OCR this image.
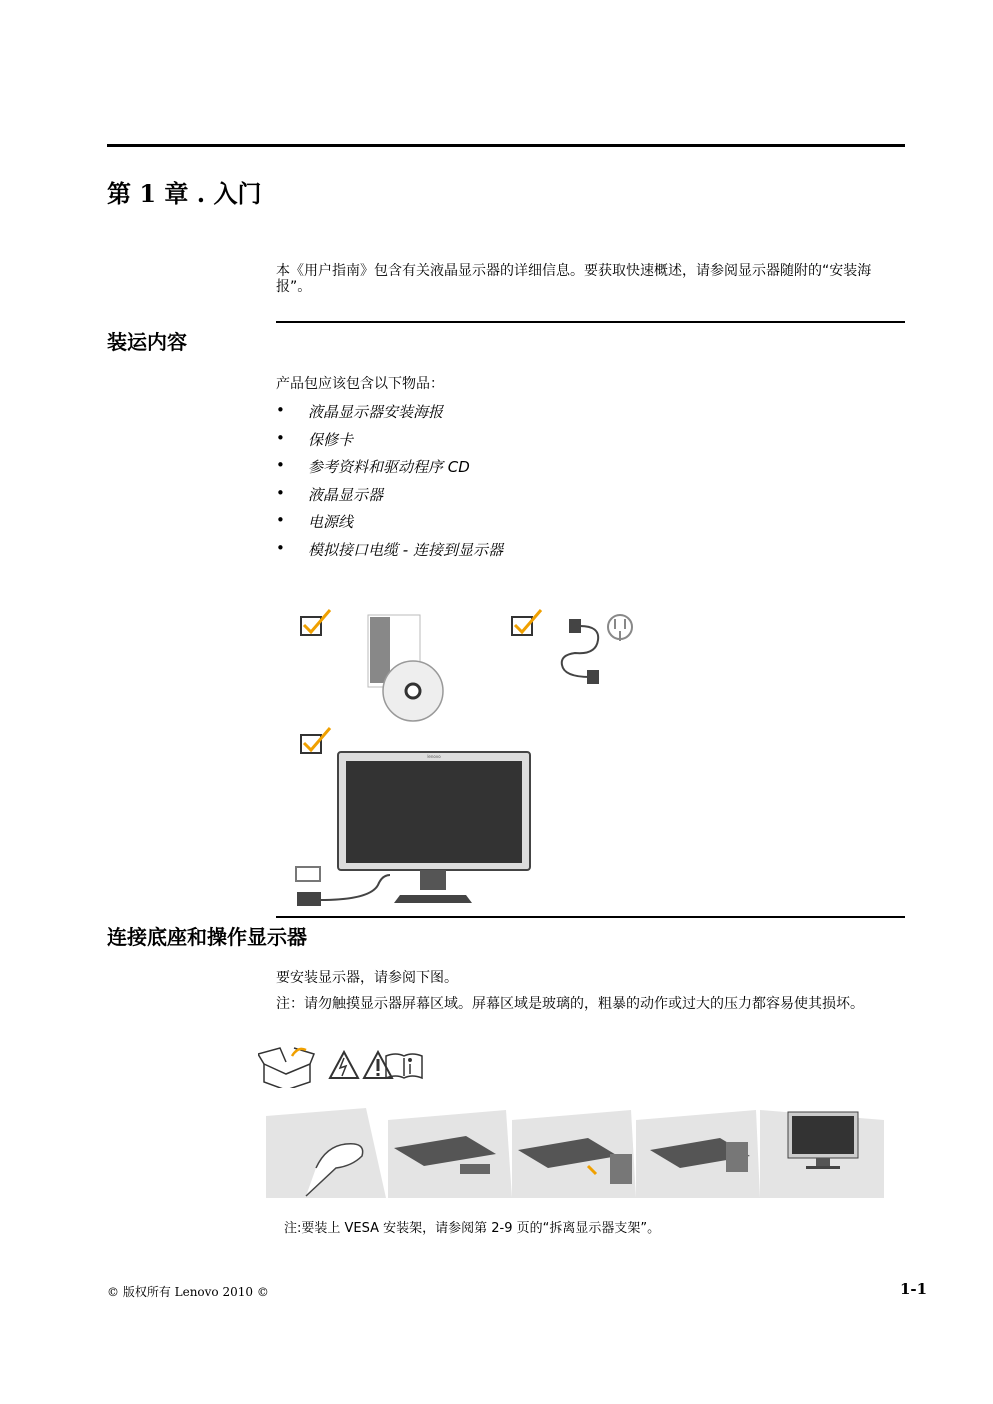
第 1 章 . 入门
本《用户指南》包含有关液晶显示器的详细信息。要获取快速概述，请参阅显示器随附的“安装海报”。
装运内容
产品包应该包含以下物品：
• 液晶显示器安装海报
• 保修卡
• 参考资料和驱动程序 CD
• 液晶显示器
• 电源线
• 模拟接口电缆 - 连接到显示器
lenovo
连接底座和操作显示器
要安装显示器，请参阅下图。
注：请勿触摸显示器屏幕区域。屏幕区域是玻璃的，粗暴的动作或过大的压力都容易使其损坏。
注:要装上 VESA 安装架，请参阅第 2-9 页的“拆离显示器支架”。
© 版权所有 Lenovo 2010 ©	1-1
